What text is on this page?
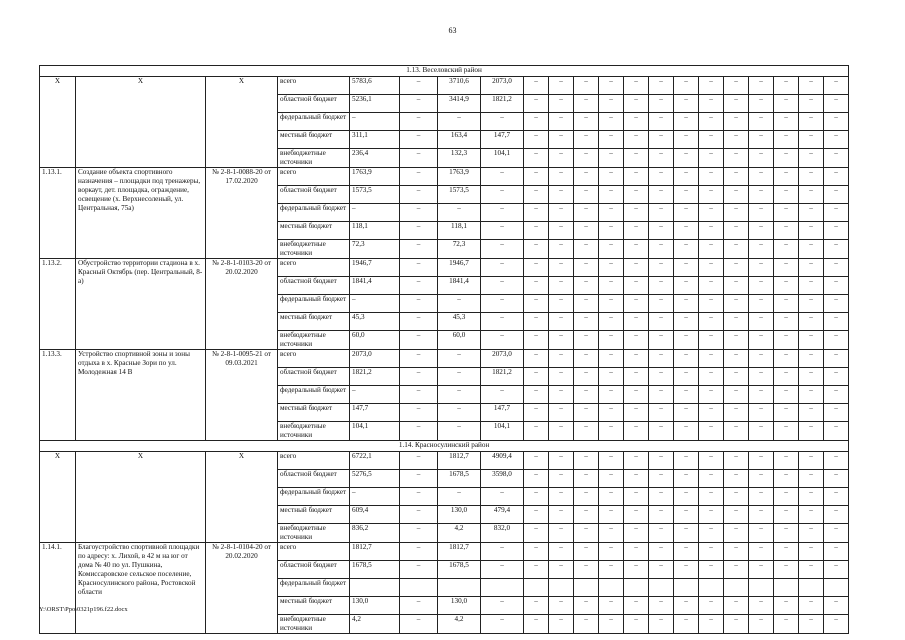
63
1.13. Веселовский район																				
Х	Х	Х	всего	5783,6	–	3710,6	2073,0	–	–	–	–	–	–	–	–	–	–	–	–	–
			областной бюджет	5236,1	–	3414,9	1821,2	–	–	–	–	–	–	–	–	–	–	–	–	–
			федеральный бюджет	–	–	–	–	–	–	–	–	–	–	–	–	–	–	–	–	–
			местный бюджет	311,1	–	163,4	147,7	–	–	–	–	–	–	–	–	–	–	–	–	–
			внебюджетные источники	236,4	–	132,3	104,1	–	–	–	–	–	–	–	–	–	–	–	–	–
1.13.1.	Создание объекта спортивного назначения – площадки под тренажеры, воркаут, дет. площадка, ограждение, освещение (х. Верхнесоленый, ул. Центральная, 75а)	№ 2-8-1-0088-20 от 17.02.2020	всего	1763,9	–	1763,9	–	–	–	–	–	–	–	–	–	–	–	–	–	–
			областной бюджет	1573,5	–	1573,5	–	–	–	–	–	–	–	–	–	–	–	–	–	–
			федеральный бюджет	–	–	–	–	–	–	–	–	–	–	–	–	–	–	–	–	–
			местный бюджет	118,1	–	118,1	–	–	–	–	–	–	–	–	–	–	–	–	–	–
			внебюджетные источники	72,3	–	72,3	–	–	–	–	–	–	–	–	–	–	–	–	–	–
1.13.2.	Обустройство территории стадиона в х. Красный Октябрь (пер. Центральный, 8-а)	№ 2-8-1-0103-20 от 20.02.2020	всего	1946,7	–	1946,7	–	–	–	–	–	–	–	–	–	–	–	–	–	–
			областной бюджет	1841,4	–	1841,4	–	–	–	–	–	–	–	–	–	–	–	–	–	–
			федеральный бюджет	–	–	–	–	–	–	–	–	–	–	–	–	–	–	–	–	–
			местный бюджет	45,3	–	45,3	–	–	–	–	–	–	–	–	–	–	–	–	–	–
			внебюджетные источники	60,0	–	60,0	–	–	–	–	–	–	–	–	–	–	–	–	–	–
1.13.3.	Устройство спортивной зоны и зоны отдыха в х. Красные Зори по ул. Молодежная 14 В	№ 2-8-1-0095-21 от 09.03.2021	всего	2073,0	–	–	2073,0	–	–	–	–	–	–	–	–	–	–	–	–	–
			областной бюджет	1821,2	–	–	1821,2	–	–	–	–	–	–	–	–	–	–	–	–	–
			федеральный бюджет	–	–	–	–	–	–	–	–	–	–	–	–	–	–	–	–	–
			местный бюджет	147,7	–	–	147,7	–	–	–	–	–	–	–	–	–	–	–	–	–
			внебюджетные источники	104,1	–	–	104,1	–	–	–	–	–	–	–	–	–	–	–	–	–
1.14. Красносулинский район																				
Х	Х	Х	всего	6722,1	–	1812,7	4909,4	–	–	–	–	–	–	–	–	–	–	–	–	–
			областной бюджет	5276,5	–	1678,5	3598,0	–	–	–	–	–	–	–	–	–	–	–	–	–
			федеральный бюджет	–	–	–	–	–	–	–	–	–	–	–	–	–	–	–	–	–
			местный бюджет	609,4	–	130,0	479,4	–	–	–	–	–	–	–	–	–	–	–	–	–
			внебюджетные источники	836,2	–	4,2	832,0	–	–	–	–	–	–	–	–	–	–	–	–	–
1.14.1.	Благоустройство спортивной площадки по адресу: х. Лихой, в 42 м на юг от дома № 40 по ул. Пушкина, Комиссаровское сельское поселение, Красносулинского района, Ростовской области	№ 2-8-1-0104-20 от 20.02.2020	всего	1812,7	–	1812,7	–	–	–	–	–	–	–	–	–	–	–	–	–	–
			областной бюджет	1678,5	–	1678,5	–	–	–	–	–	–	–	–	–	–	–	–	–	–
			федеральный бюджет																	
			местный бюджет	130,0	–	130,0	–	–	–	–	–	–	–	–	–	–	–	–	–	–
			внебюджетные источники	4,2	–	4,2	–	–	–	–	–	–	–	–	–	–	–	–	–	–
Y:\ORST\Ppo\0321p196.f22.docx
